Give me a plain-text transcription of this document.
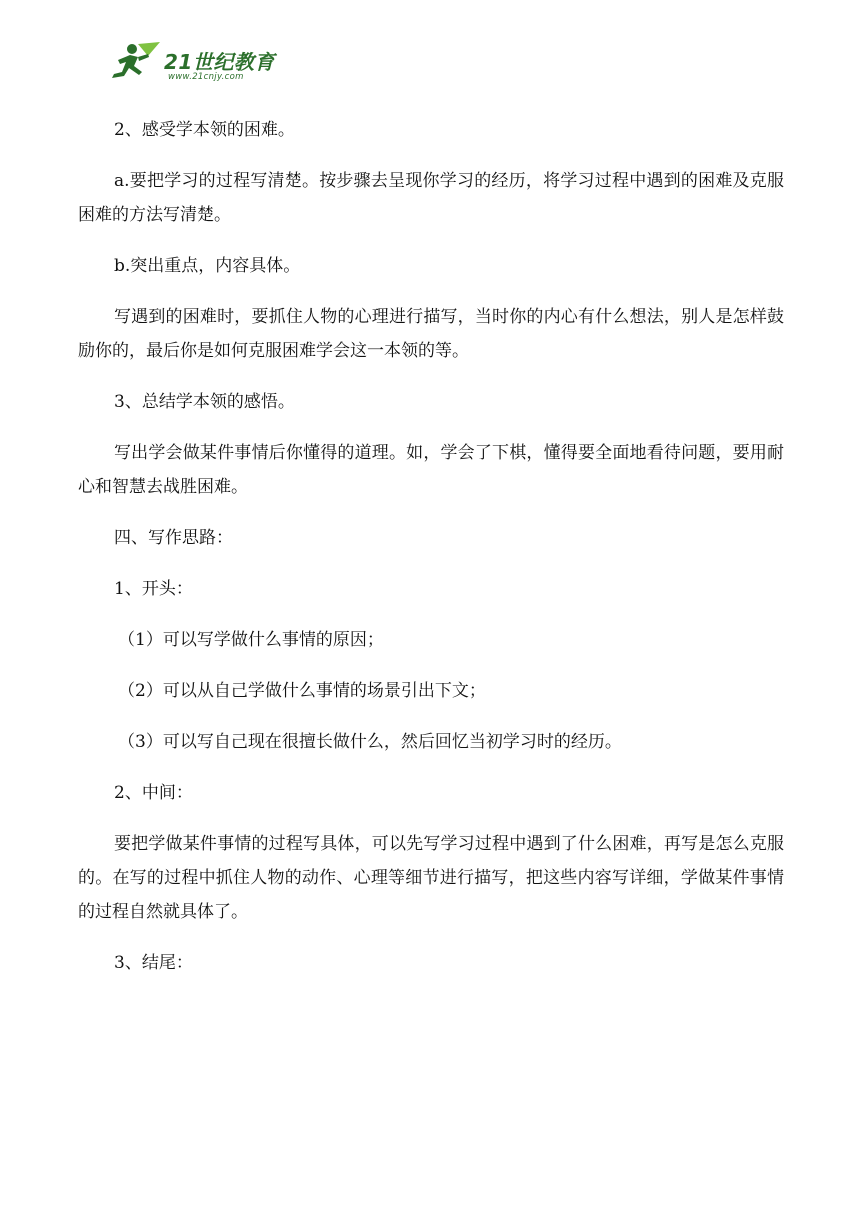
21世纪教育
www.21cnjy.com

2、感受学本领的困难。

a.要把学习的过程写清楚。按步骤去呈现你学习的经历，将学习过程中遇到的困难及克服困难的方法写清楚。

b.突出重点，内容具体。

写遇到的困难时，要抓住人物的心理进行描写，当时你的内心有什么想法，别人是怎样鼓励你的，最后你是如何克服困难学会这一本领的等。

3、总结学本领的感悟。

写出学会做某件事情后你懂得的道理。如，学会了下棋，懂得要全面地看待问题，要用耐心和智慧去战胜困难。

四、写作思路：

1、开头：

（1）可以写学做什么事情的原因；

（2）可以从自己学做什么事情的场景引出下文；

（3）可以写自己现在很擅长做什么，然后回忆当初学习时的经历。

2、中间：

要把学做某件事情的过程写具体，可以先写学习过程中遇到了什么困难，再写是怎么克服的。在写的过程中抓住人物的动作、心理等细节进行描写，把这些内容写详细，学做某件事情的过程自然就具体了。

3、结尾：
